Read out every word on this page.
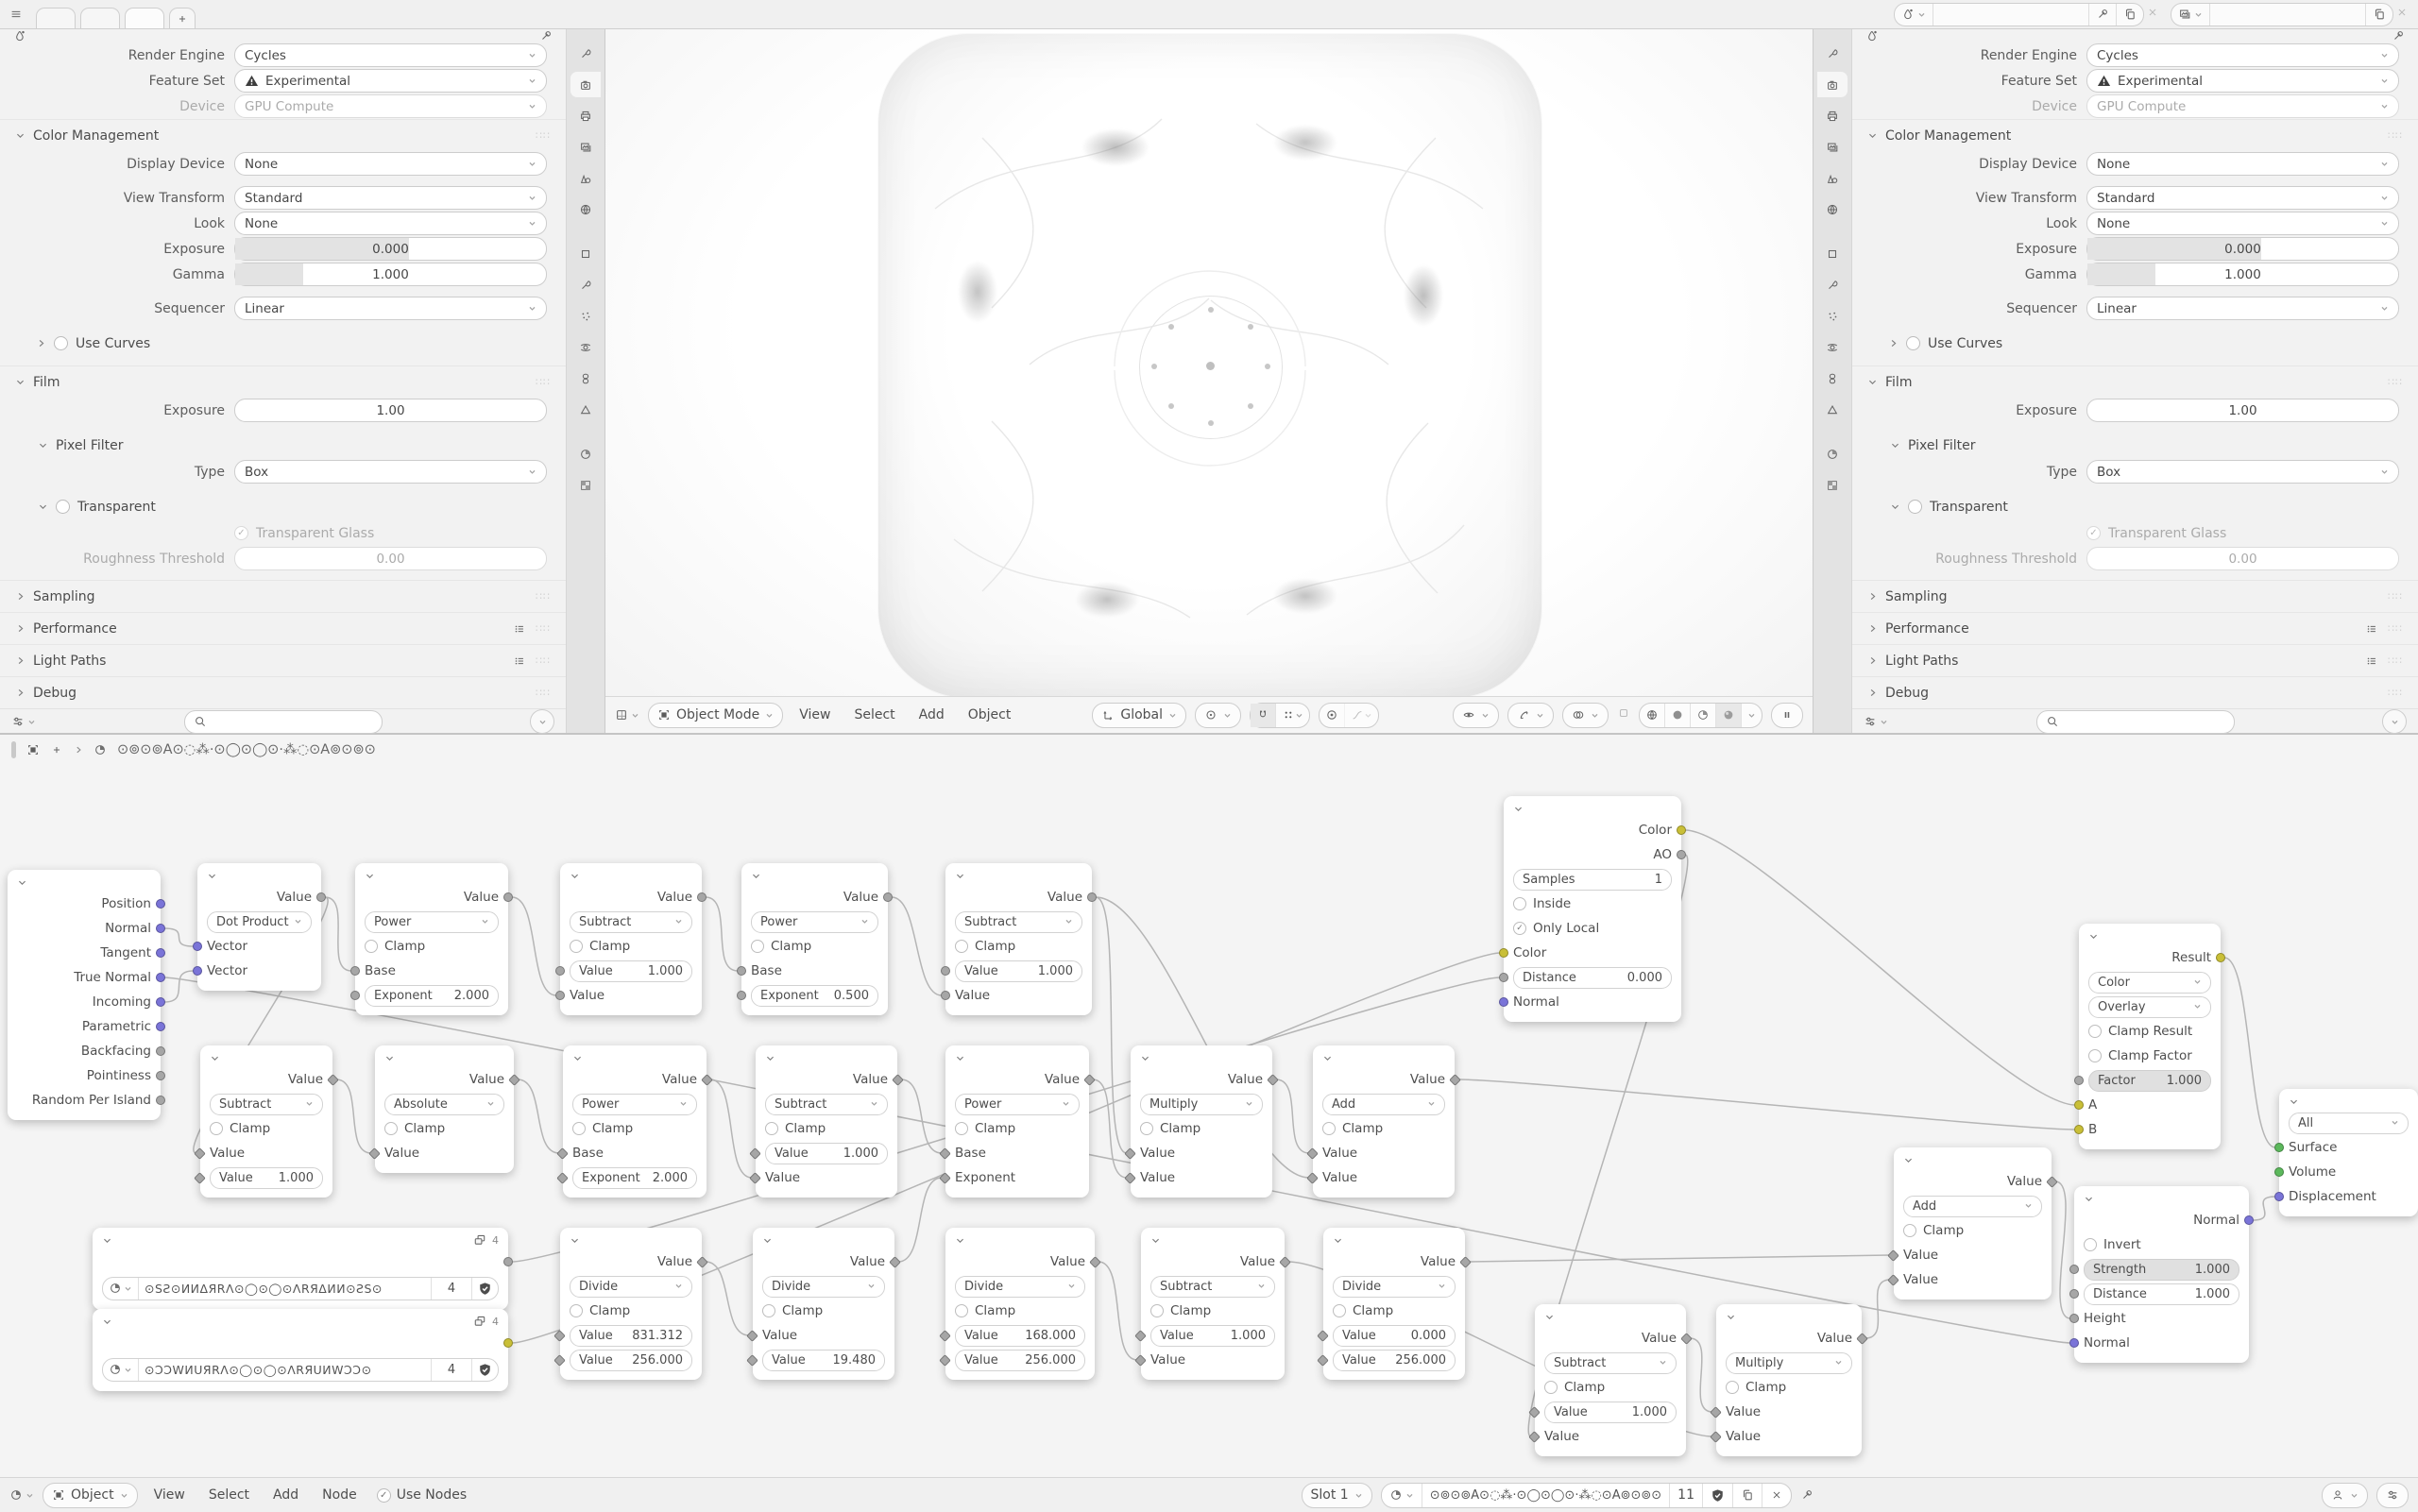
Render Engine	Cycles
Feature Set	Experimental
Device	GPU Compute
Color Management	∷∷
Display Device	None
View Transform	Standard
Look	None
Exposure	0.000
Gamma	1.000
Sequencer	Linear
Use Curves
Film	∷∷
Exposure	1.00
Pixel Filter
Type	Box
Transparent
✓ Transparent Glass
Roughness Threshold	0.00
Sampling	∷∷
Performance	∷∷
Light Paths	∷∷
Debug	∷∷
Object Mode	View	Select	Add	Object	Global
Render Engine	Cycles
Feature Set	Experimental
Device	GPU Compute
Color Management	∷∷
Display Device	None
View Transform	Standard
Look	None
Exposure	0.000
Gamma	1.000
Sequencer	Linear
Use Curves
Film	∷∷
Exposure	1.00
Pixel Filter
Type	Box
Transparent
✓ Transparent Glass
Roughness Threshold	0.00
Sampling	∷∷
Performance	∷∷
Light Paths	∷∷
Debug	∷∷
⊙⊚⊙⊚A⊙◌⁂·⊙◯⊙◯⊙·⁂◌⊙A⊚⊙⊚⊙
Position
Normal
Tangent
True Normal
Incoming
Parametric
Backfacing
Pointiness
Random Per Island
Value
Dot Product
Vector
Vector
Value
Power
Clamp
Base
Exponent	2.000
Value
Subtract
Clamp
Value	1.000
Value
Value
Power
Clamp
Base
Exponent	0.500
Value
Subtract
Clamp
Value	1.000
Value
Value
Subtract
Clamp
Value
Value	1.000
Value
Absolute
Clamp
Value
Value
Power
Clamp
Base
Exponent	2.000
Value
Subtract
Clamp
Value	1.000
Value
Value
Power
Clamp
Base
Exponent
Value
Multiply
Clamp
Value
Value
Value
Add
Clamp
Value
Value
Color
AO
Samples	1
Inside
✓ Only Local
Color
Distance	0.000
Normal
4
⊙SƧ⊙ИͶΔЯRΛ⊙◯⊙◯⊙ΛRЯΔͶИ⊙ƧS⊙	4
4
⊙ƆϽWͶUЯRΛ⊙◯⊙◯⊙ΛRЯUͶWϽƆ⊙	4
Value
Divide
Clamp
Value	831.312
Value	256.000
Value
Divide
Clamp
Value
Value	19.480
Value
Divide
Clamp
Value	168.000
Value	256.000
Value
Subtract
Clamp
Value	1.000
Value
Value
Divide
Clamp
Value	0.000
Value	256.000
Value
Subtract
Clamp
Value	1.000
Value
Value
Multiply
Clamp
Value
Value
Value
Add
Clamp
Value
Value
Result
Color
Overlay
Clamp Result
Clamp Factor
Factor	1.000
A
B
Normal
Invert
Strength	1.000
Distance	1.000
Height
Normal
All
Surface
Volume
Displacement
Object	View	Select	Add	Node	✓ Use Nodes	Slot 1	⊙⊚⊙⊚A⊙◌⁂·⊙◯⊙◯⊙·⁂◌⊙A⊚⊙⊚⊙ 11
